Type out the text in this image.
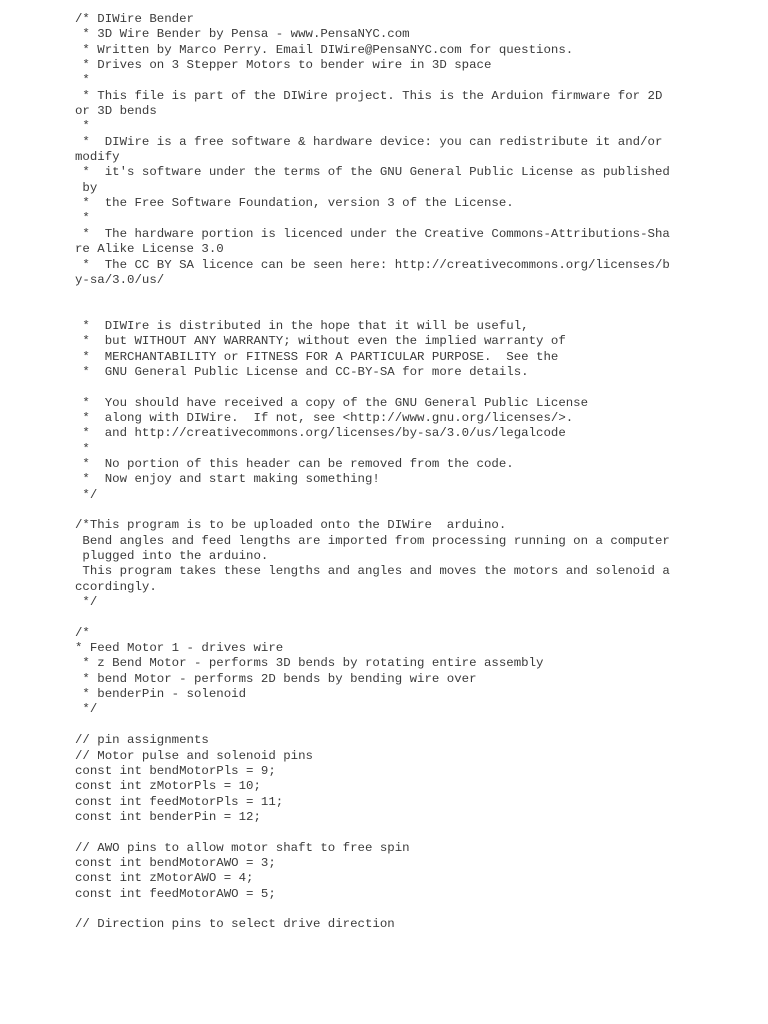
/* DIWire Bender
* 3D Wire Bender by Pensa - www.PensaNYC.com
* Written by Marco Perry. Email DIWire@PensaNYC.com for questions.
* Drives on 3 Stepper Motors to bender wire in 3D space
*
* This file is part of the DIWire project. This is the Arduion firmware for 2D
or 3D bends
*
*  DIWire is a free software & hardware device: you can redistribute it and/or
modify
*  it's software under the terms of the GNU General Public License as published
by
*  the Free Software Foundation, version 3 of the License.
*
*  The hardware portion is licenced under the Creative Commons-Attributions-Sha
re Alike License 3.0
*  The CC BY SA licence can be seen here: http://creativecommons.org/licenses/b
y-sa/3.0/us/
*  DIWIre is distributed in the hope that it will be useful,
*  but WITHOUT ANY WARRANTY; without even the implied warranty of
*  MERCHANTABILITY or FITNESS FOR A PARTICULAR PURPOSE.  See the
*  GNU General Public License and CC-BY-SA for more details.
*  You should have received a copy of the GNU General Public License
*  along with DIWire.  If not, see <http://www.gnu.org/licenses/>.
*  and http://creativecommons.org/licenses/by-sa/3.0/us/legalcode
*
*  No portion of this header can be removed from the code.
*  Now enjoy and start making something!
*/
/*This program is to be uploaded onto the DIWire  arduino.
Bend angles and feed lengths are imported from processing running on a computer
plugged into the arduino.
This program takes these lengths and angles and moves the motors and solenoid a
ccordingly.
*/
/*
* Feed Motor 1 - drives wire
* z Bend Motor - performs 3D bends by rotating entire assembly
* bend Motor - performs 2D bends by bending wire over
* benderPin - solenoid
*/
// pin assignments
// Motor pulse and solenoid pins
const int bendMotorPls = 9;
const int zMotorPls = 10;
const int feedMotorPls = 11;
const int benderPin = 12;
// AWO pins to allow motor shaft to free spin
const int bendMotorAWO = 3;
const int zMotorAWO = 4;
const int feedMotorAWO = 5;
// Direction pins to select drive direction
